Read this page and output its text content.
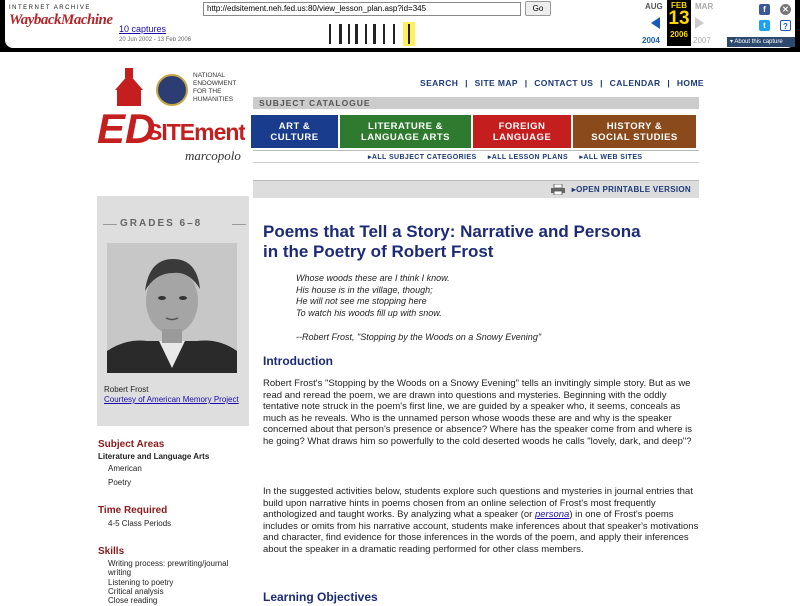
INTERNET ARCHIVE
WaybackMachine
http://edsitement.neh.fed.us:80/view_lesson_plan.asp?id=345	Go
10 captures
20 Jun 2002 - 13 Feb 2006
AUG
2004
FEB
13
2006
MAR
2007
f
t
✕
?
▾ About this capture
ED
SITEment
marcopolo
NATIONAL
ENDOWMENT
FOR THE
HUMANITIES
SEARCH | SITE MAP | CONTACT US | CALENDAR | HOME
SUBJECT CATALOGUE
ART &
CULTURE
LITERATURE &
LANGUAGE ARTS
FOREIGN
LANGUAGE
HISTORY &
SOCIAL STUDIES
▸ALL SUBJECT CATEGORIES ▸ALL LESSON PLANS ▸ALL WEB SITES
▸OPEN PRINTABLE VERSION
GRADES 6–8
Robert Frost
Courtesy of American Memory Project
Subject Areas
Literature and Language Arts
American
Poetry
Time Required
4-5 Class Periods
Skills
Writing process: prewriting/journal
writing
Listening to poetry
Critical analysis
Close reading
Poems that Tell a Story: Narrative and Persona
in the Poetry of Robert Frost
Whose woods these are I think I know.
His house is in the village, though;
He will not see me stopping here
To watch his woods fill up with snow.
--Robert Frost, "Stopping by the Woods on a Snowy Evening"
Introduction
Robert Frost's "Stopping by the Woods on a Snowy Evening" tells an invitingly simple story. But as we read and reread the poem, we are drawn into questions and mysteries. Beginning with the oddly tentative note struck in the poem's first line, we are guided by a speaker who, it seems, conceals as much as he reveals. Who is the unnamed person whose woods these are and why is the speaker concerned about that person's presence or absence? Where has the speaker come from and where is he going? What draws him so powerfully to the cold deserted woods he calls "lovely, dark, and deep"?
In the suggested activities below, students explore such questions and mysteries in journal entries that build upon narrative hints in poems chosen from an online selection of Frost's most frequently anthologized and taught works. By analyzing what a speaker (or persona) in one of Frost's poems includes or omits from his narrative account, students make inferences about that speaker's motivations and character, find evidence for those inferences in the words of the poem, and apply their inferences about the speaker in a dramatic reading performed for other class members.
Learning Objectives
